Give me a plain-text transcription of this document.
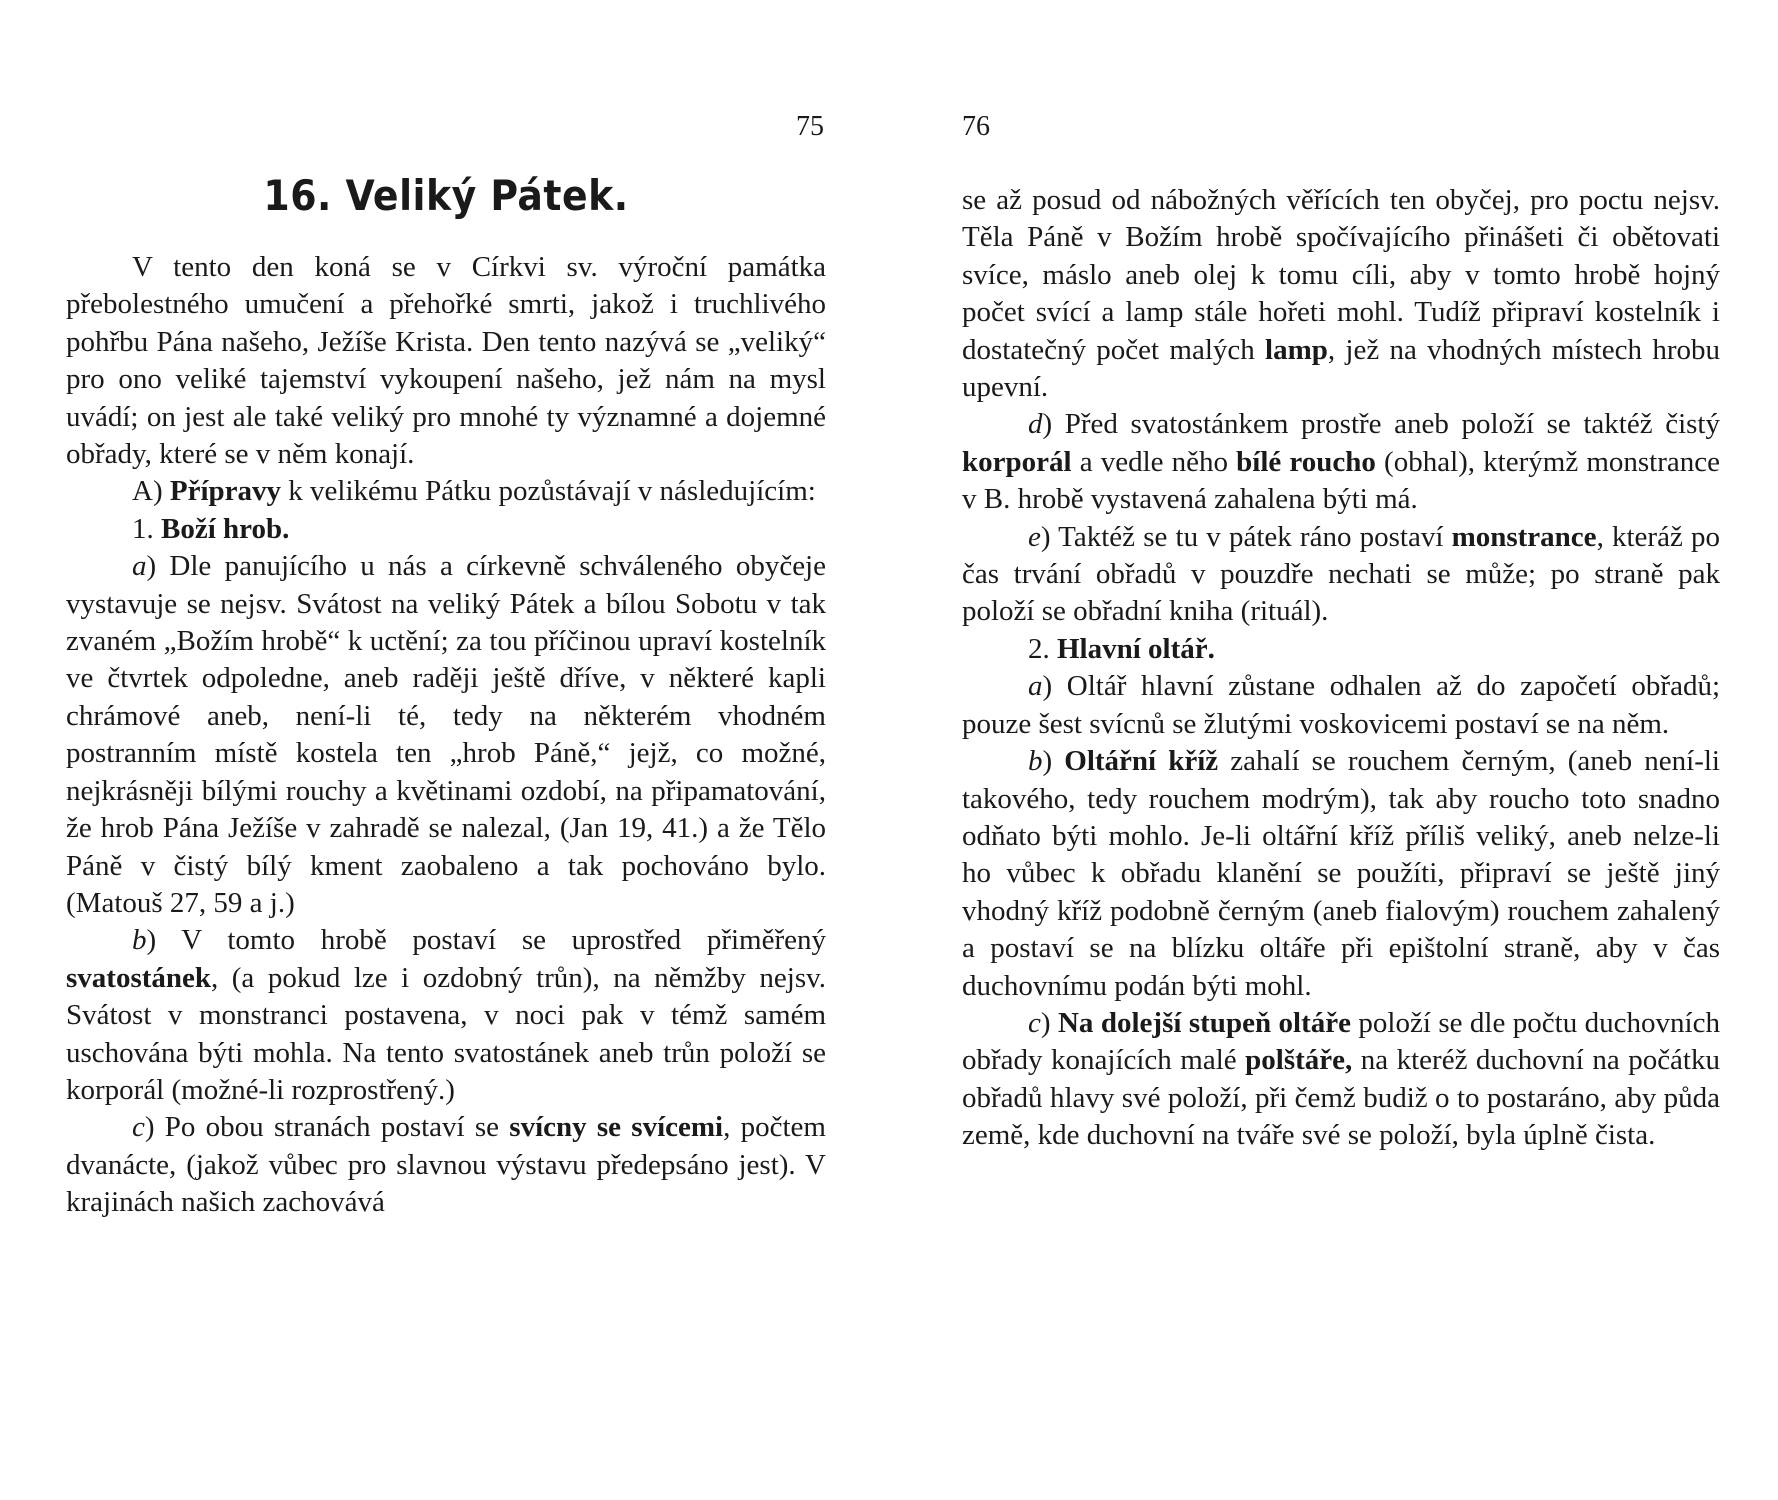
75
16. Veliký Pátek.

V tento den koná se v Církvi sv. výroční památka přebolestného umučení a přehořké smrti, jakož i truchlivého pohřbu Pána našeho, Ježíše Krista. Den tento nazývá se „veliký“ pro ono veliké tajemství vykoupení našeho, jež nám na mysl uvádí; on jest ale také veliký pro mnohé ty významné a dojemné obřady, které se v něm konají.

A) Přípravy k velikému Pátku pozůstávají v následujícím:

1. Boží hrob.

a) Dle panujícího u nás a církevně schváleného obyčeje vystavuje se nejsv. Svátost na veliký Pátek a bílou Sobotu v tak zvaném „Božím hrobě“ k uctění; za tou příčinou upraví kostelník ve čtvrtek odpoledne, aneb raději ještě dříve, v některé kapli chrámové aneb, není-li té, tedy na některém vhodném postranním místě kostela ten „hrob Páně,“ jejž, co možné, nejkrásněji bílými rouchy a květinami ozdobí, na připamatování, že hrob Pána Ježíše v zahradě se nalezal, (Jan 19, 41.) a že Tělo Páně v čistý bílý kment zaobaleno a tak pochováno bylo. (Matouš 27, 59 a j.)

b) V tomto hrobě postaví se uprostřed přiměřený svatostánek, (a pokud lze i ozdobný trůn), na němžby nejsv. Svátost v monstranci postavena, v noci pak v témž samém uschována býti mohla. Na tento svatostánek aneb trůn položí se korporál (možné-li rozprostřený.)

c) Po obou stranách postaví se svícny se svícemi, počtem dvanácte, (jakož vůbec pro slavnou výstavu předepsáno jest). V krajinách našich zachovává

76

se až posud od nábožných věřících ten obyčej, pro poctu nejsv. Těla Páně v Božím hrobě spočívajícího přinášeti či obětovati svíce, máslo aneb olej k tomu cíli, aby v tomto hrobě hojný počet svící a lamp stále hořeti mohl. Tudíž připraví kostelník i dostatečný počet malých lamp, jež na vhodných místech hrobu upevní.

d) Před svatostánkem prostře aneb položí se taktéž čistý korporál a vedle něho bílé roucho (obhal), kterýmž monstrance v B. hrobě vystavená zahalena býti má.

e) Taktéž se tu v pátek ráno postaví monstrance, kteráž po čas trvání obřadů v pouzdře nechati se může; po straně pak položí se obřadní kniha (rituál).

2. Hlavní oltář.

a) Oltář hlavní zůstane odhalen až do započetí obřadů; pouze šest svícnů se žlutými voskovicemi postaví se na něm.

b) Oltářní kříž zahalí se rouchem černým, (aneb není-li takového, tedy rouchem modrým), tak aby roucho toto snadno odňato býti mohlo. Je-li oltářní kříž příliš veliký, aneb nelze-li ho vůbec k obřadu klanění se použíti, připraví se ještě jiný vhodný kříž podobně černým (aneb fialovým) rouchem zahalený a postaví se na blízku oltáře při epištolní straně, aby v čas duchovnímu podán býti mohl.

c) Na dolejší stupeň oltáře položí se dle počtu duchovních obřady konajících malé polštáře, na kteréž duchovní na počátku obřadů hlavy své položí, při čemž budiž o to postaráno, aby půda země, kde duchovní na tváře své se položí, byla úplně čista.
